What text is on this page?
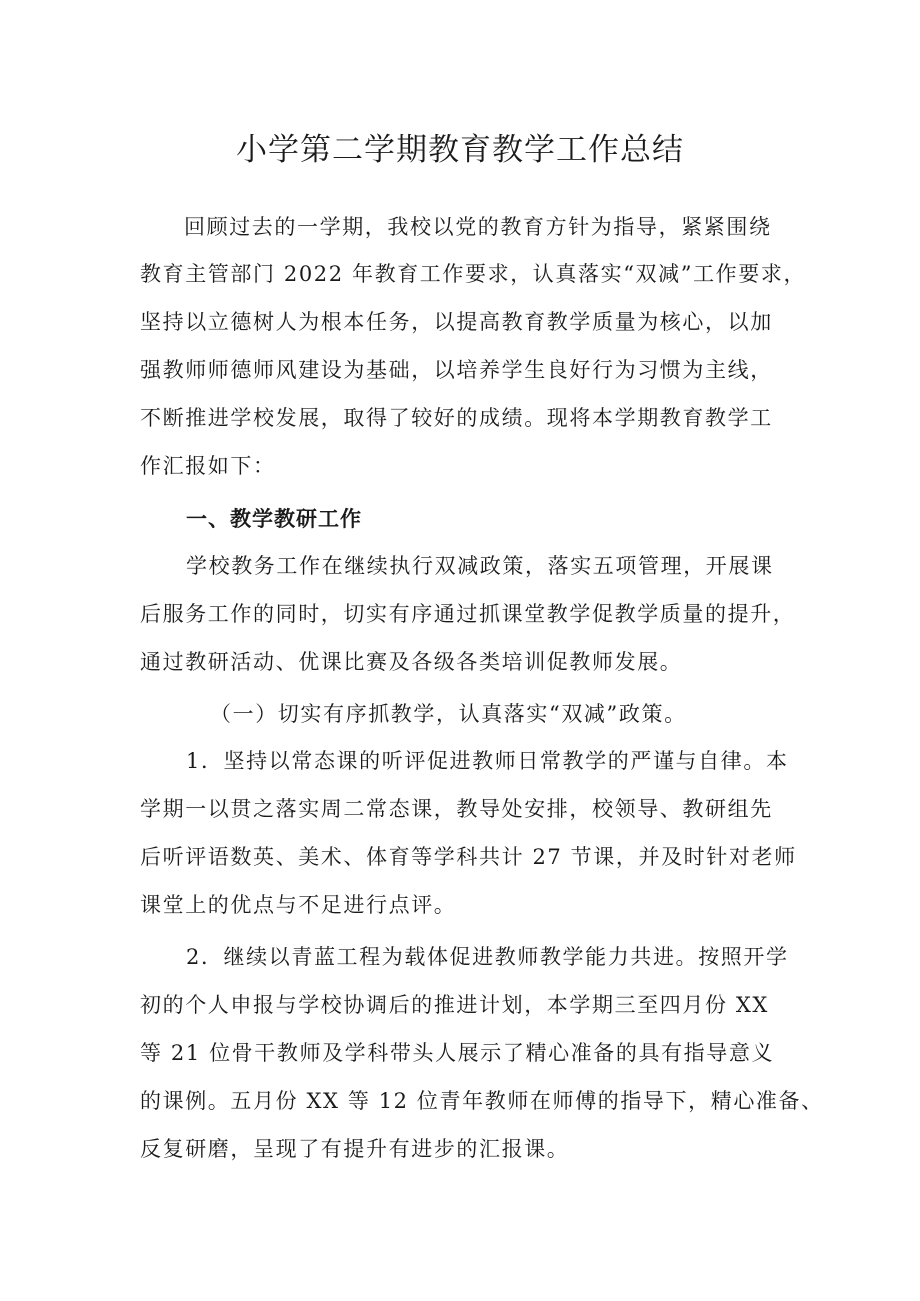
小学第二学期教育教学工作总结
回顾过去的一学期，我校以党的教育方针为指导，紧紧围绕
教育主管部门 2022 年教育工作要求，认真落实“双减”工作要求，
坚持以立德树人为根本任务，以提高教育教学质量为核心，以加
强教师师德师风建设为基础，以培养学生良好行为习惯为主线，
不断推进学校发展，取得了较好的成绩。现将本学期教育教学工
作汇报如下：
一、教学教研工作
学校教务工作在继续执行双减政策，落实五项管理，开展课
后服务工作的同时，切实有序通过抓课堂教学促教学质量的提升，
通过教研活动、优课比赛及各级各类培训促教师发展。
（一）切实有序抓教学，认真落实“双减”政策。
1．坚持以常态课的听评促进教师日常教学的严谨与自律。本
学期一以贯之落实周二常态课，教导处安排，校领导、教研组先
后听评语数英、美术、体育等学科共计 27 节课，并及时针对老师
课堂上的优点与不足进行点评。
2．继续以青蓝工程为载体促进教师教学能力共进。按照开学
初的个人申报与学校协调后的推进计划，本学期三至四月份 XX
等 21 位骨干教师及学科带头人展示了精心准备的具有指导意义
的课例。五月份 XX 等 12 位青年教师在师傅的指导下，精心准备、
反复研磨，呈现了有提升有进步的汇报课。
